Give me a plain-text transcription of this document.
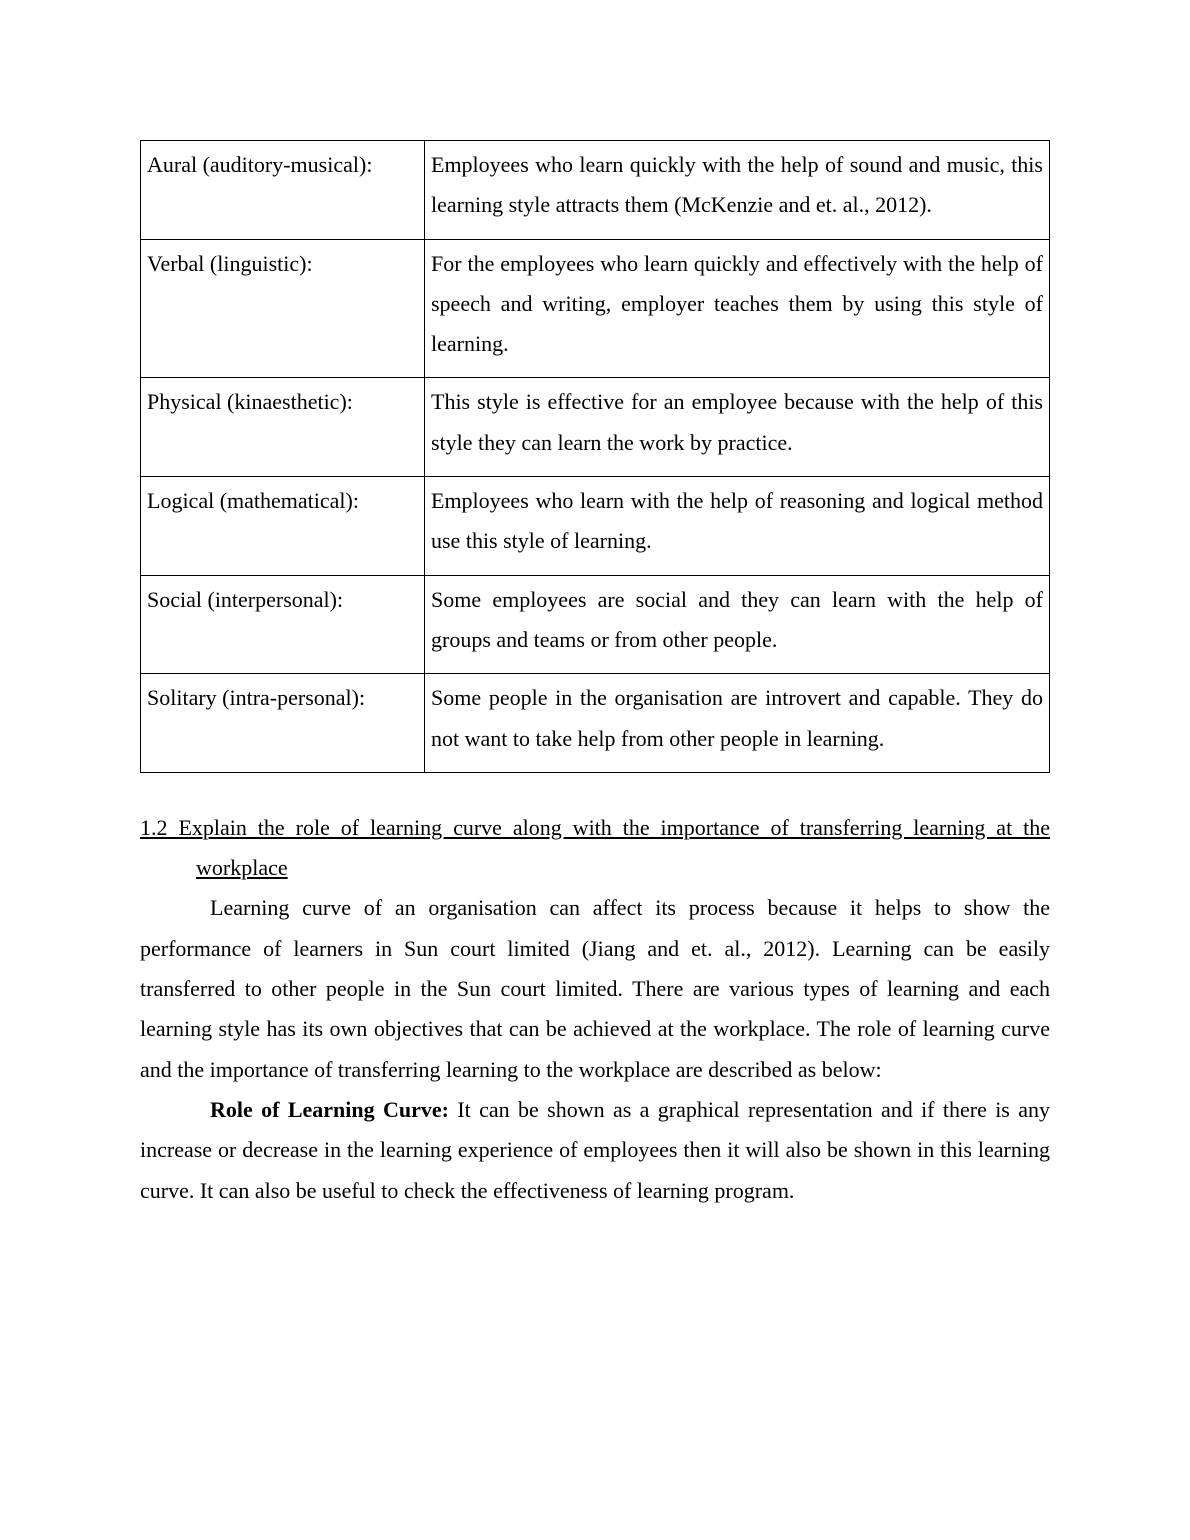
Aural (auditory-musical):	Employees who learn quickly with the help of sound and music, this learning style attracts them (McKenzie and et. al., 2012).
Verbal (linguistic):	For the employees who learn quickly and effectively with the help of speech and writing, employer teaches them by using this style of learning.
Physical (kinaesthetic):	This style is effective for an employee because with the help of this style they can learn the work by practice.
Logical (mathematical):	Employees who learn with the help of reasoning and logical method use this style of learning.
Social (interpersonal):	Some employees are social and they can learn with the help of groups and teams or from other people.
Solitary (intra-personal):	Some people in the organisation are introvert and capable. They do not want to take help from other people in learning.
1.2 Explain the role of learning curve along with the importance of transferring learning at the
workplace

Learning curve of an organisation can affect its process because it helps to show the performance of learners in Sun court limited (Jiang and et. al., 2012). Learning can be easily transferred to other people in the Sun court limited. There are various types of learning and each learning style has its own objectives that can be achieved at the workplace. The role of learning curve and the importance of transferring learning to the workplace are described as below:

Role of Learning Curve: It can be shown as a graphical representation and if there is any increase or decrease in the learning experience of employees then it will also be shown in this learning curve. It can also be useful to check the effectiveness of learning program.
